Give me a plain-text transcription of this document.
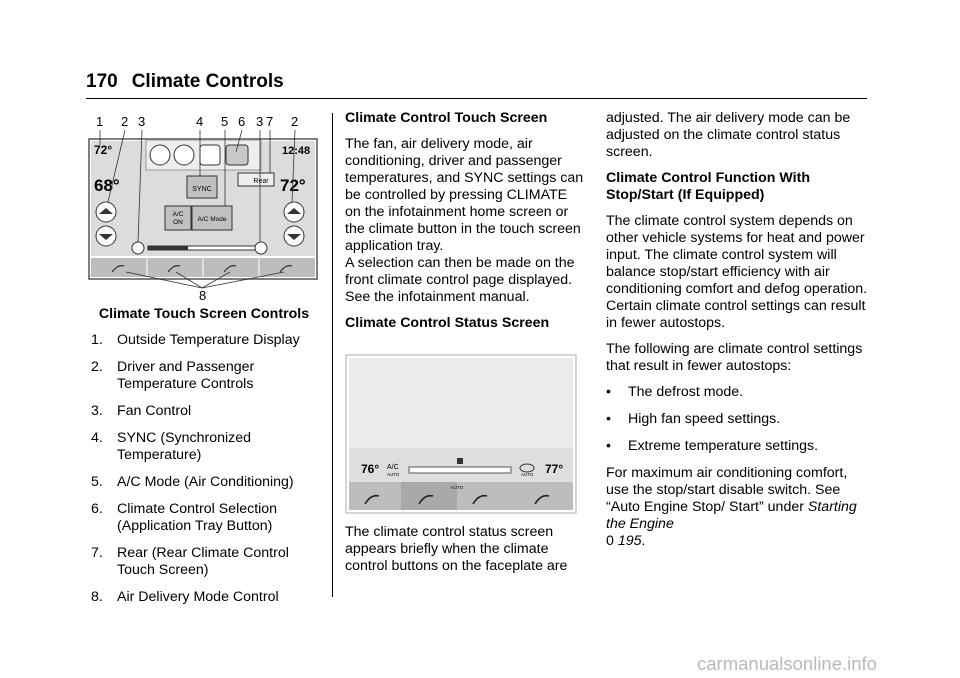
170 Climate Controls
1 2 3	4 5 6 3 7 2
8
72°	12:48
68°	72°
SYNC
Rear
A/C
ON A/C Mode

Climate Touch Screen Controls

1. Outside Temperature Display
2. Driver and Passenger Temperature Controls
3. Fan Control
4. SYNC (Synchronized Temperature)
5. A/C Mode (Air Conditioning)
6. Climate Control Selection (Application Tray Button)
7. Rear (Rear Climate Control Touch Screen)
8. Air Delivery Mode Control

Climate Control Touch Screen

The fan, air delivery mode, air conditioning, driver and passenger temperatures, and SYNC settings can be controlled by pressing CLIMATE on the infotainment home screen or the climate button in the touch screen application tray.

A selection can then be made on the front climate control page displayed. See the infotainment manual.

Climate Control Status Screen

76° A/C
AUTO	77°
AUTO
AUTO

The climate control status screen appears briefly when the climate control buttons on the faceplate are

adjusted. The air delivery mode can be adjusted on the climate control status screen.

Climate Control Function With Stop/Start (If Equipped)

The climate control system depends on other vehicle systems for heat and power input. The climate control system will balance stop/start efficiency with air conditioning comfort and defog operation. Certain climate control settings can result in fewer autostops.

The following are climate control settings that result in fewer autostops:

• The defrost mode.
• High fan speed settings.
• Extreme temperature settings.

For maximum air conditioning comfort, use the stop/start disable switch. See “Auto Engine Stop/ Start” under Starting the Engine
0 195.

carmanualsonline.info
